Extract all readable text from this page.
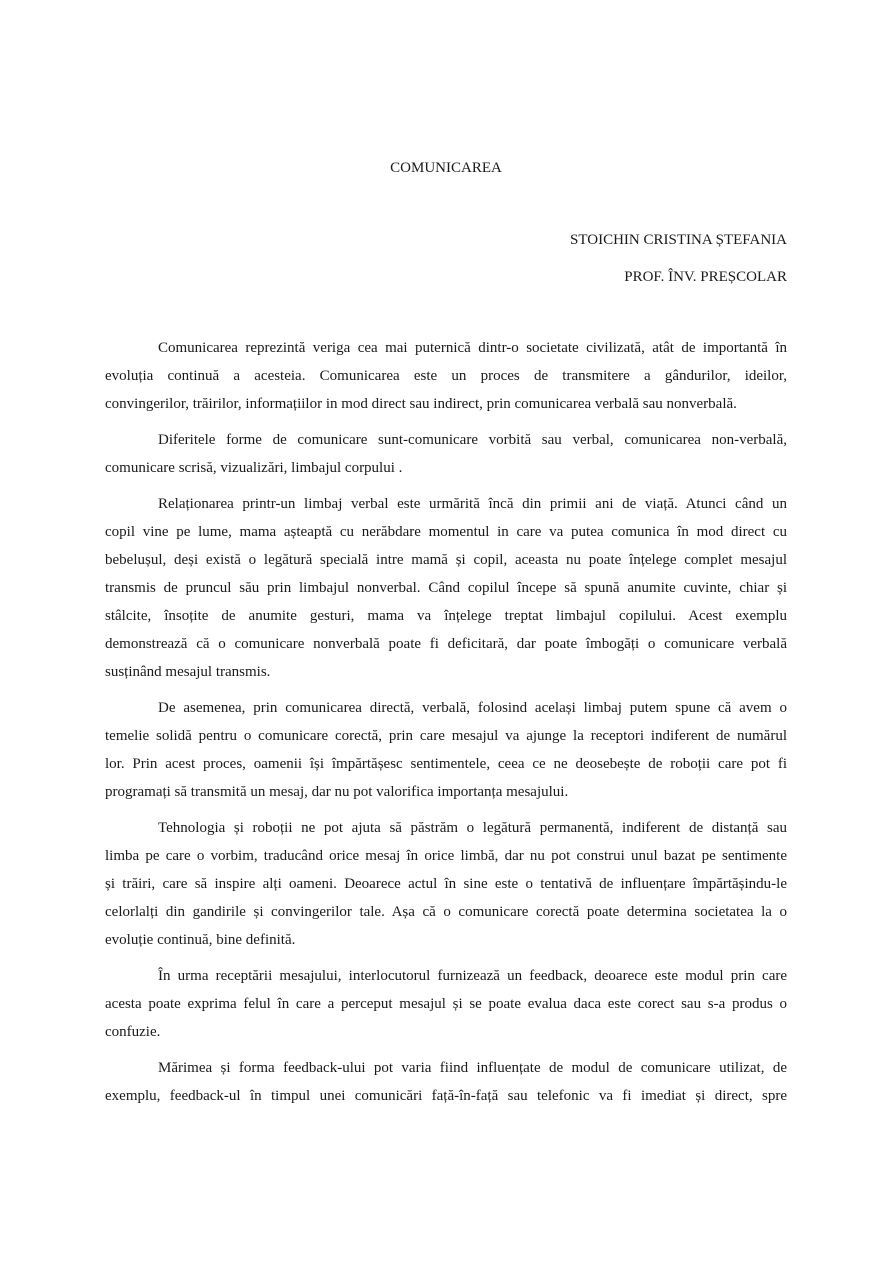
COMUNICAREA
STOICHIN CRISTINA ȘTEFANIA
PROF. ÎNV. PREȘCOLAR
Comunicarea reprezintă veriga cea mai puternică dintr-o societate civilizată, atât de importantă în
evoluția continuă a acesteia. Comunicarea este un proces de transmitere a gândurilor, ideilor,
convingerilor, trăirilor, informațiilor in mod direct sau indirect, prin comunicarea verbală sau nonverbală.
Diferitele forme de comunicare sunt-comunicare vorbită sau verbal, comunicarea non-verbală,
comunicare scrisă, vizualizări, limbajul corpului .
Relaționarea printr-un limbaj verbal este urmărită încă din primii ani de viață. Atunci când un
copil vine pe lume, mama așteaptă cu nerăbdare momentul in care va putea comunica în mod direct cu
bebelușul, deși există o legătură specială intre mamă și copil, aceasta nu poate înțelege complet mesajul
transmis de pruncul său prin limbajul nonverbal. Când copilul începe să spună anumite cuvinte, chiar și
stâlcite, însoțite de anumite gesturi, mama va înțelege treptat limbajul copilului. Acest exemplu
demonstrează că o comunicare nonverbală poate fi deficitară, dar poate îmbogăți o comunicare verbală
susținând mesajul transmis.
De asemenea, prin comunicarea directă, verbală, folosind același limbaj putem spune că avem o
temelie solidă pentru o comunicare corectă, prin care mesajul va ajunge la receptori indiferent de numărul
lor. Prin acest proces, oamenii își împărtășesc sentimentele, ceea ce ne deosebește de roboții care pot fi
programați să transmită un mesaj, dar nu pot valorifica importanța mesajului.
Tehnologia și roboții ne pot ajuta să păstrăm o legătură permanentă, indiferent de distanță sau
limba pe care o vorbim, traducând orice mesaj în orice limbă, dar nu pot construi unul bazat pe sentimente
și trăiri, care să inspire alți oameni. Deoarece actul în sine este o tentativă de influențare împărtășindu-le
celorlalți din gandirile și convingerilor tale. Așa că o comunicare corectă poate determina societatea la o
evoluție continuă, bine definită.
În urma receptării mesajului, interlocutorul furnizează un feedback, deoarece este modul prin care
acesta poate exprima felul în care a perceput mesajul și se poate evalua daca este corect sau s-a produs o
confuzie.
Mărimea și forma feedback-ului pot varia fiind influențate de modul de comunicare utilizat, de
exemplu, feedback-ul în timpul unei comunicări față-în-față sau telefonic va fi imediat și direct, spre
